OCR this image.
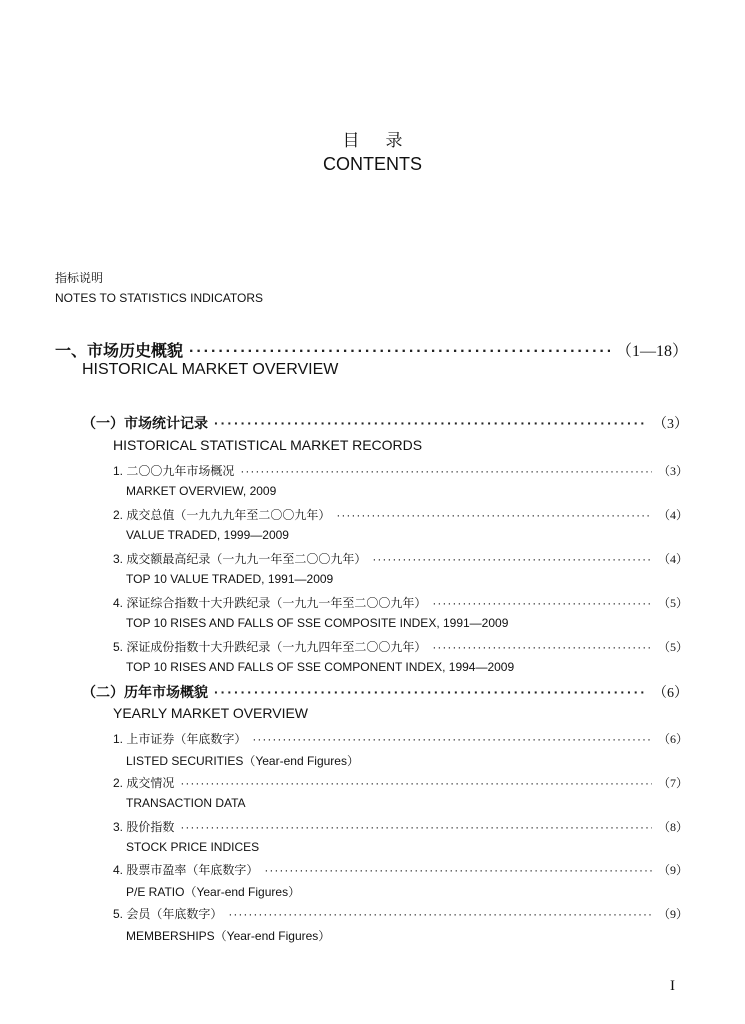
目录
CONTENTS
指标说明
NOTES TO STATISTICS INDICATORS
一、市场历史概貌 ·····	（1—18）
HISTORICAL MARKET OVERVIEW
（一）市场统计记录 ·····	（3）
HISTORICAL STATISTICAL MARKET RECORDS
1. 二〇〇九年市场概况 ·····	（3）
MARKET OVERVIEW, 2009
2. 成交总值（一九九九年至二〇〇九年） ·····	（4）
VALUE TRADED, 1999—2009
3. 成交额最高纪录（一九九一年至二〇〇九年） ·····	（4）
TOP 10 VALUE TRADED, 1991—2009
4. 深证综合指数十大升跌纪录（一九九一年至二〇〇九年） ·····	（5）
TOP 10 RISES AND FALLS OF SSE COMPOSITE INDEX, 1991—2009
5. 深证成份指数十大升跌纪录（一九九四年至二〇〇九年） ·····	（5）
TOP 10 RISES AND FALLS OF SSE COMPONENT INDEX, 1994—2009
（二）历年市场概貌 ·····	（6）
YEARLY MARKET OVERVIEW
1. 上市证券（年底数字） ·····	（6）
LISTED SECURITIES（Year-end Figures）
2. 成交情况 ·····	（7）
TRANSACTION DATA
3. 股价指数 ·····	（8）
STOCK PRICE INDICES
4. 股票市盈率（年底数字） ·····	（9）
P/E RATIO（Year-end Figures）
5. 会员（年底数字） ·····	（9）
MEMBERSHIPS（Year-end Figures）
I
